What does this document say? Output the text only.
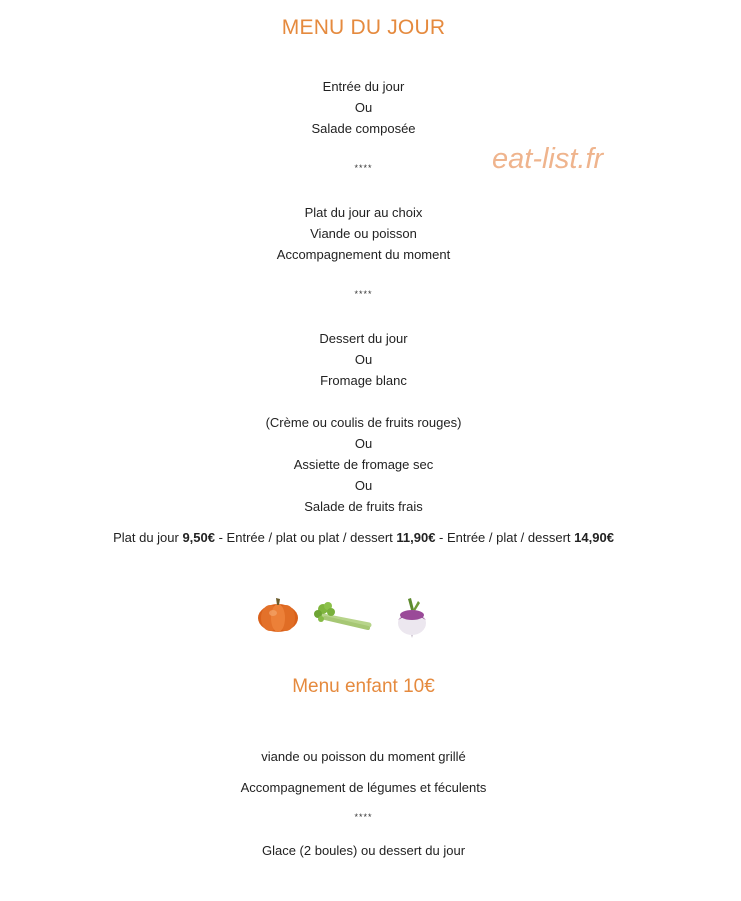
MENU DU JOUR
eat-list.fr
Entrée du jour
Ou
Salade composée
****
Plat du jour au choix
Viande ou poisson
Accompagnement du moment
****
Dessert du jour
Ou
Fromage blanc
(Crème ou coulis de fruits rouges)
Ou
Assiette de fromage sec
Ou
Salade de fruits frais
Plat du jour 9,50€ - Entrée / plat ou plat / dessert 11,90€ - Entrée / plat / dessert 14,90€
Menu enfant 10€
viande ou poisson du moment grillé
Accompagnement de légumes et féculents
****
Glace (2 boules) ou dessert du jour
